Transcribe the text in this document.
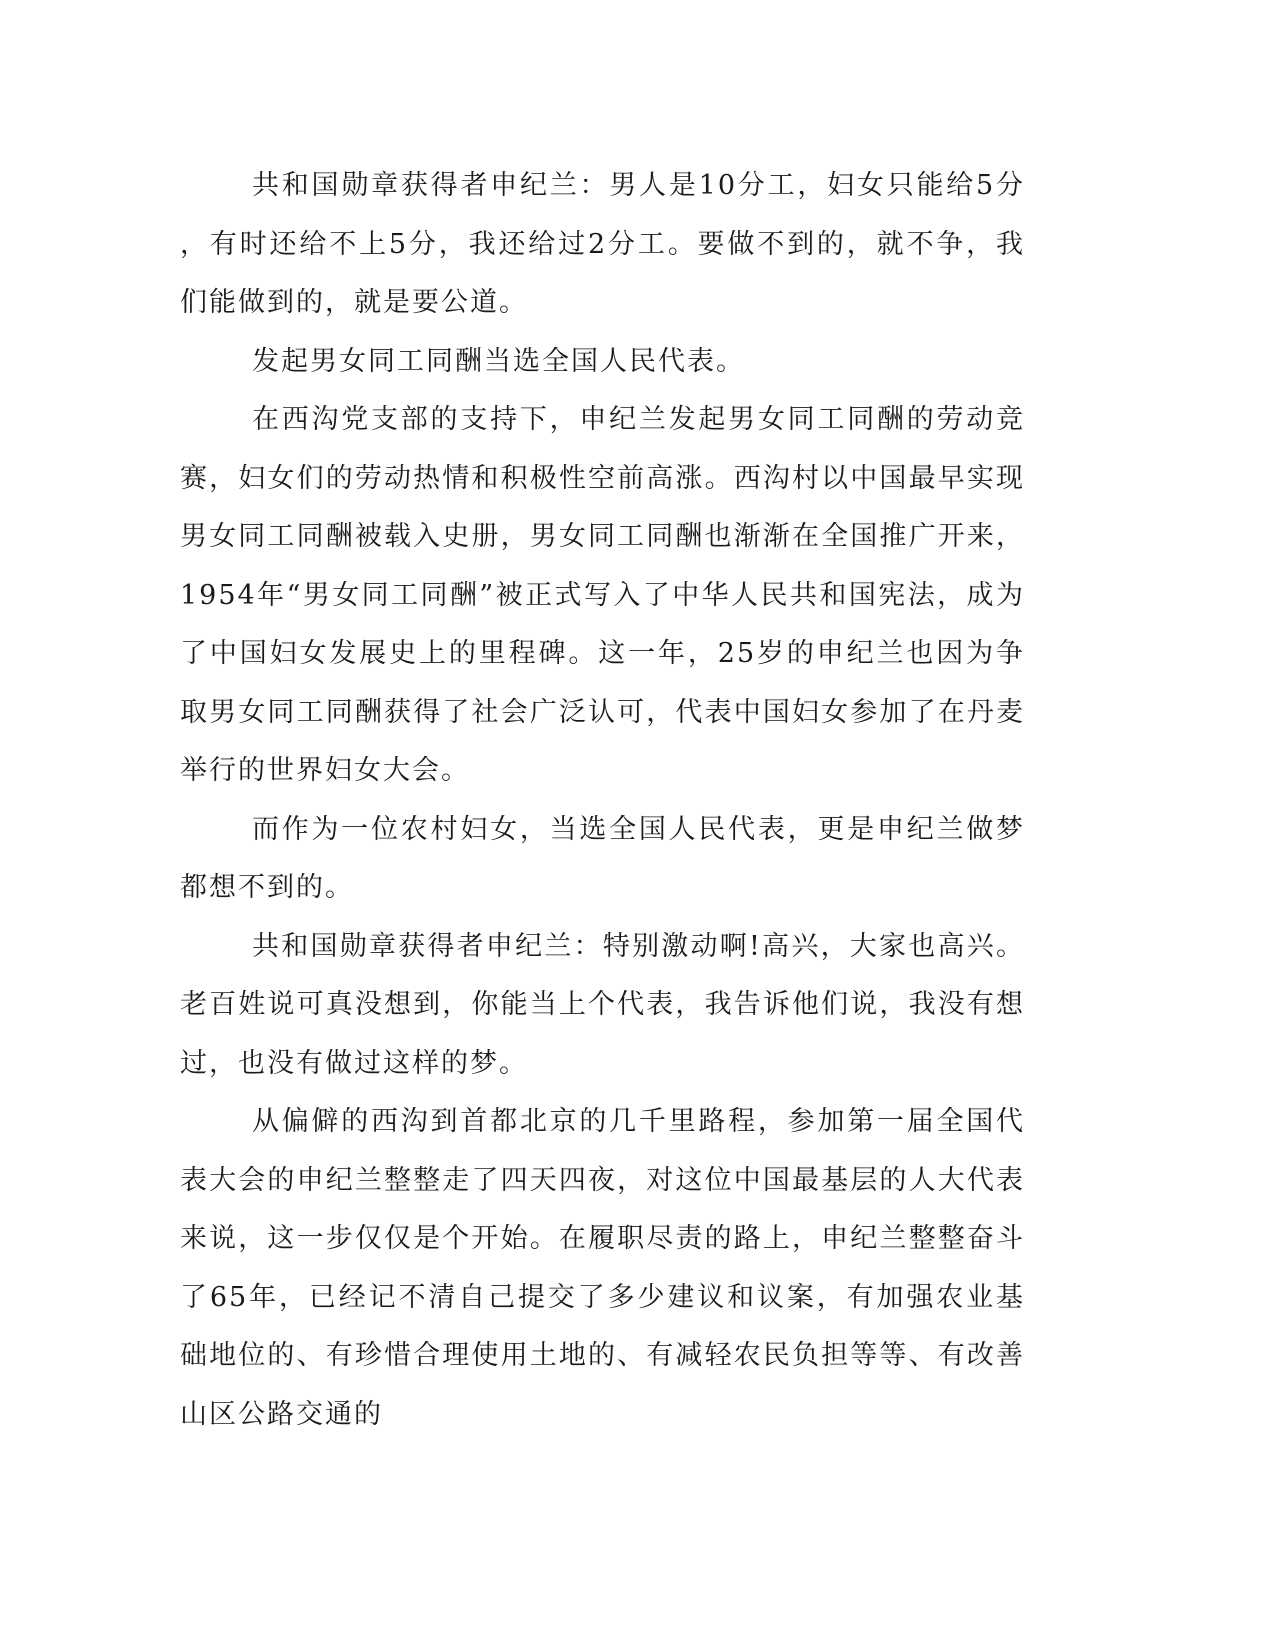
共和国勋章获得者申纪兰：男人是10分工，妇女只能给5分，有时还给不上5分，我还给过2分工。要做不到的，就不争，我们能做到的，就是要公道。

发起男女同工同酬当选全国人民代表。

在西沟党支部的支持下，申纪兰发起男女同工同酬的劳动竞赛，妇女们的劳动热情和积极性空前高涨。西沟村以中国最早实现男女同工同酬被载入史册，男女同工同酬也渐渐在全国推广开来，1954年“男女同工同酬”被正式写入了中华人民共和国宪法，成为了中国妇女发展史上的里程碑。这一年，25岁的申纪兰也因为争取男女同工同酬获得了社会广泛认可，代表中国妇女参加了在丹麦举行的世界妇女大会。

而作为一位农村妇女，当选全国人民代表，更是申纪兰做梦都想不到的。

共和国勋章获得者申纪兰：特别激动啊!高兴，大家也高兴。老百姓说可真没想到，你能当上个代表，我告诉他们说，我没有想过，也没有做过这样的梦。

从偏僻的西沟到首都北京的几千里路程，参加第一届全国代表大会的申纪兰整整走了四天四夜，对这位中国最基层的人大代表来说，这一步仅仅是个开始。在履职尽责的路上，申纪兰整整奋斗了65年，已经记不清自己提交了多少建议和议案，有加强农业基础地位的、有珍惜合理使用土地的、有减轻农民负担等等、有改善山区公路交通的
